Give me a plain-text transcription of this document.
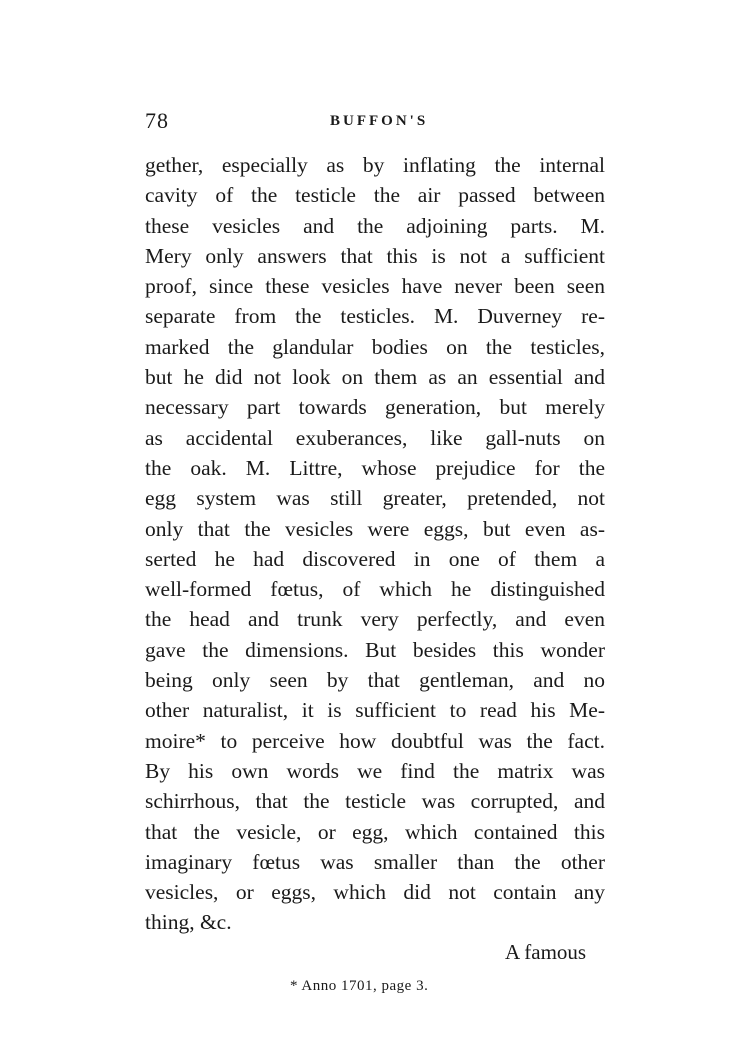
78	BUFFON'S
gether, especially as by inflating the internal
cavity of the testicle the air passed between
these vesicles and the adjoining parts. M.
Mery only answers that this is not a sufficient
proof, since these vesicles have never been seen
separate from the testicles. M. Duverney re-
marked the glandular bodies on the testicles,
but he did not look on them as an essential and
necessary part towards generation, but merely
as accidental exuberances, like gall-nuts on
the oak. M. Littre, whose prejudice for the
egg system was still greater, pretended, not
only that the vesicles were eggs, but even as-
serted he had discovered in one of them a
well-formed fœtus, of which he distinguished
the head and trunk very perfectly, and even
gave the dimensions. But besides this wonder
being only seen by that gentleman, and no
other naturalist, it is sufficient to read his Me-
moire* to perceive how doubtful was the fact.
By his own words we find the matrix was
schirrhous, that the testicle was corrupted, and
that the vesicle, or egg, which contained this
imaginary fœtus was smaller than the other
vesicles, or eggs, which did not contain any
thing, &c.
A famous
* Anno 1701, page 3.
